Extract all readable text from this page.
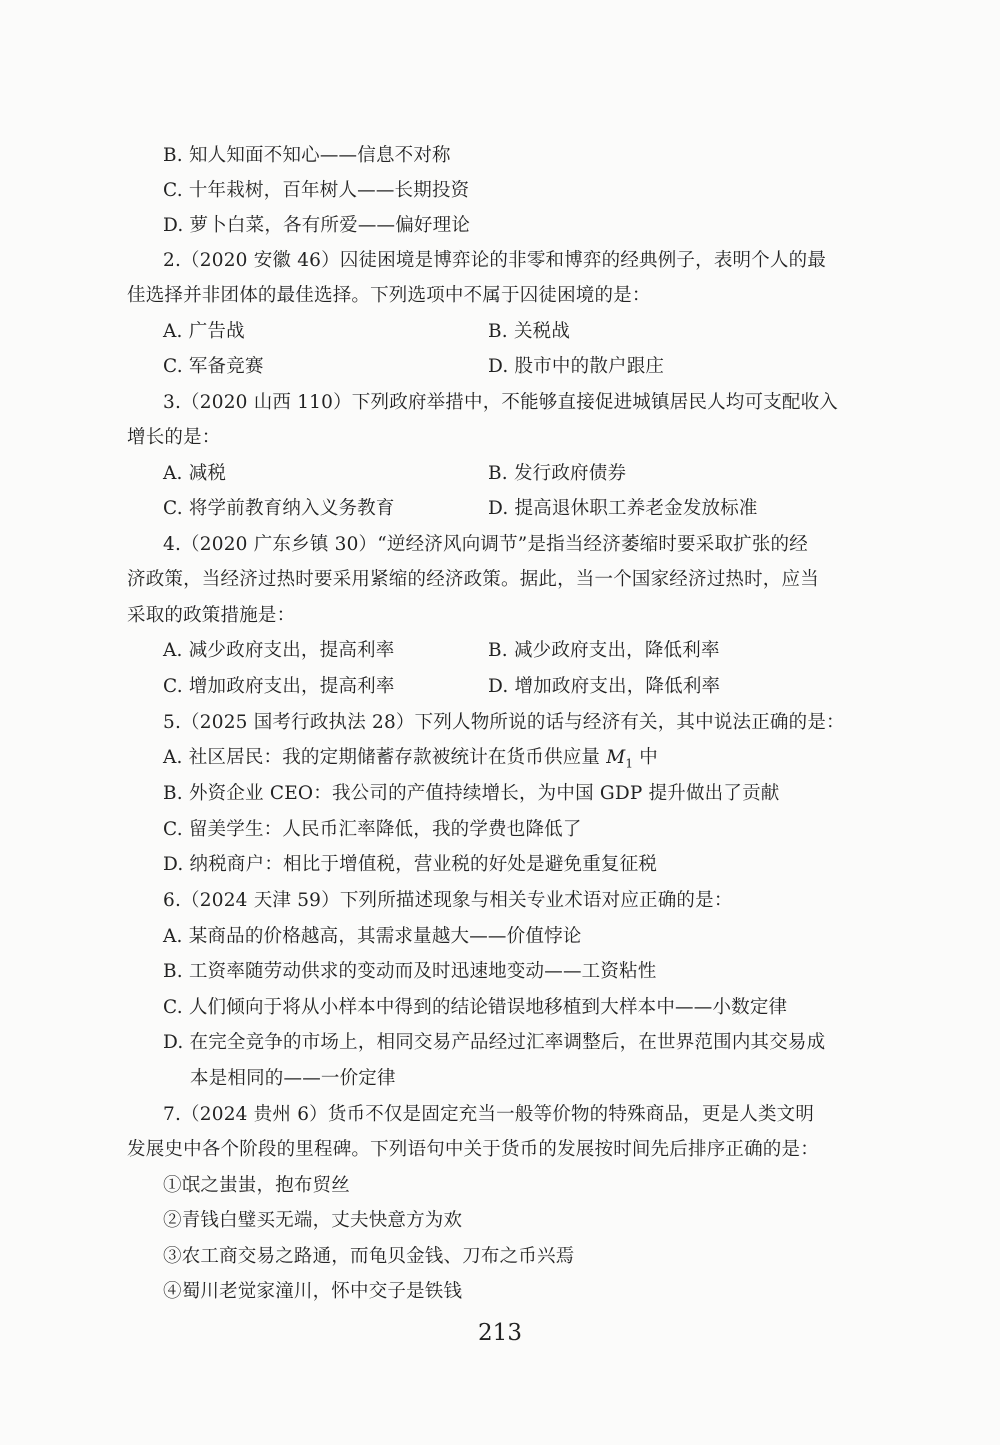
B. 知人知面不知心——信息不对称
C. 十年栽树，百年树人——长期投资
D. 萝卜白菜，各有所爱——偏好理论
2.（2020 安徽 46）囚徒困境是博弈论的非零和博弈的经典例子，表明个人的最
佳选择并非团体的最佳选择。下列选项中不属于囚徒困境的是：
A. 广告战	B. 关税战
C. 军备竞赛	D. 股市中的散户跟庄
3.（2020 山西 110）下列政府举措中，不能够直接促进城镇居民人均可支配收入
增长的是：
A. 减税	B. 发行政府债券
C. 将学前教育纳入义务教育	D. 提高退休职工养老金发放标准
4.（2020 广东乡镇 30）“逆经济风向调节”是指当经济萎缩时要采取扩张的经
济政策，当经济过热时要采用紧缩的经济政策。据此，当一个国家经济过热时，应当
采取的政策措施是：
A. 减少政府支出，提高利率	B. 减少政府支出，降低利率
C. 增加政府支出，提高利率	D. 增加政府支出，降低利率
5.（2025 国考行政执法 28）下列人物所说的话与经济有关，其中说法正确的是：
A. 社区居民：我的定期储蓄存款被统计在货币供应量 $M_1$ 中
B. 外资企业 CEO：我公司的产值持续增长，为中国 GDP 提升做出了贡献
C. 留美学生：人民币汇率降低，我的学费也降低了
D. 纳税商户：相比于增值税，营业税的好处是避免重复征税
6.（2024 天津 59）下列所描述现象与相关专业术语对应正确的是：
A. 某商品的价格越高，其需求量越大——价值悖论
B. 工资率随劳动供求的变动而及时迅速地变动——工资粘性
C. 人们倾向于将从小样本中得到的结论错误地移植到大样本中——小数定律
D. 在完全竞争的市场上，相同交易产品经过汇率调整后，在世界范围内其交易成
本是相同的——一价定律
7.（2024 贵州 6）货币不仅是固定充当一般等价物的特殊商品，更是人类文明
发展史中各个阶段的里程碑。下列语句中关于货币的发展按时间先后排序正确的是：
①氓之蚩蚩，抱布贸丝
②青钱白璧买无端，丈夫快意方为欢
③农工商交易之路通，而龟贝金钱、刀布之币兴焉
④蜀川老觉家潼川，怀中交子是铁钱
213
